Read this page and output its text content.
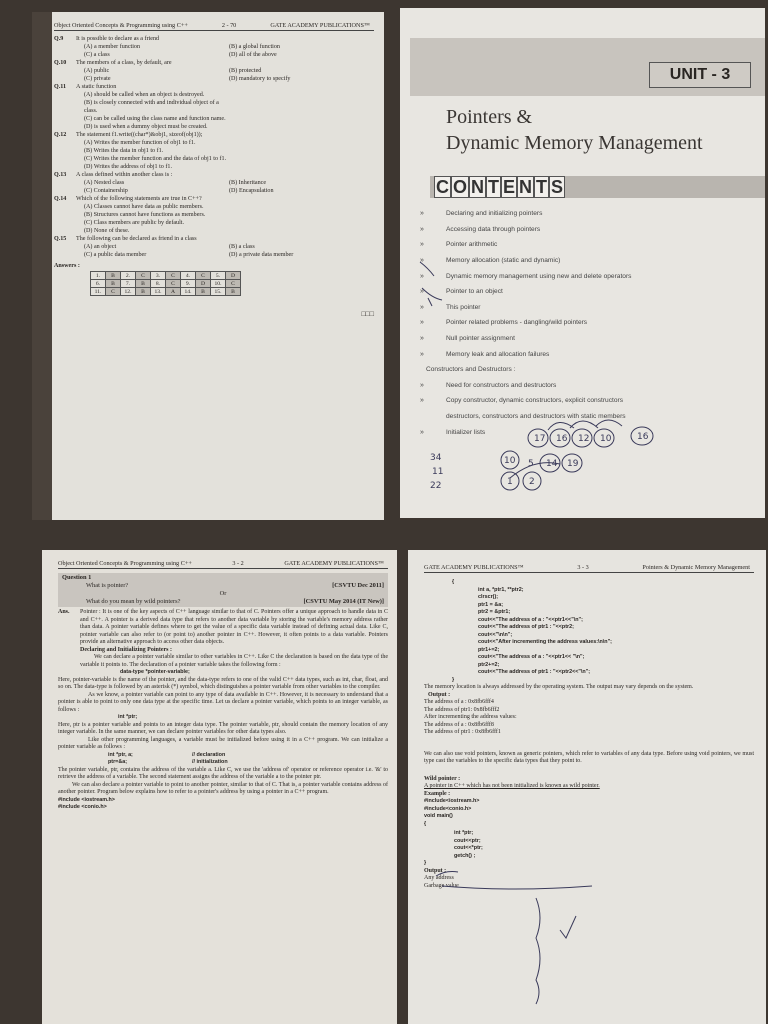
Object Oriented Concepts & Programming using C++	2 - 70	GATE ACADEMY PUBLICATIONS™
Q.9	It is possible to declare as a friend
(A) a member function	(B) a global function
(C) a class	(D) all of the above
Q.10	The members of a class, by default, are
(A) public	(B) protected
(C) private	(D) mandatory to specify
Q.11	A static function
(A) should be called when an object is destroyed.
(B) is closely connected with and individual object of a class.
(C) can be called using the class name and function name.
(D) is used when a dummy object must be created.
Q.12	The statement f1.write((char*)&obj1, sizeof(obj1));
(A) Writes the member function of obj1 to f1.
(B) Writes the data in obj1 to f1.
(C) Writes the member function and the data of obj1 to f1.
(D) Writes the address of obj1 to f1.
Q.13	A class defined within another class is :
(A) Nested class	(B) Inheritance
(C) Containership	(D) Encapsulation
Q.14	Which of the following statements are true in C++?
(A) Classes cannot have data as public members.
(B) Structures cannot have functions as members.
(C) Class members are public by default.
(D) None of these.
Q.15	The following can be declared as friend in a class
(A) an object	(B) a class
(C) a public data member	(D) a private data member
Answers :
1.	B	2.	C	3.	C	4.	C	5.	D
6.	B	7.	B	8.	C	9.	D	10.	C
11.	C	12.	B	13.	A	14.	B	15.	B
□□□
UNIT - 3
Pointers &
Dynamic Memory Management
C O N T E N T S
»	Declaring and initializing pointers
»	Accessing data through pointers
»	Pointer arithmetic
»	Memory allocation (static and dynamic)
»	Dynamic memory management using new and delete operators
»	Pointer to an object
»	This pointer
»	Pointer related problems - dangling/wild pointers
»	Null pointer assignment
»	Memory leak and allocation failures
Constructors and Destructors :
»	Need for constructors and destructors
»	Copy constructor, dynamic constructors, explicit constructors
destructors, constructors and destructors with static members
»	Initializer lists
17 16 12 10	16
10 5 14 19
34
11
22	1 2
Object Oriented Concepts & Programming using C++	3 - 2	GATE ACADEMY PUBLICATIONS™
Question 1
What is pointer?	[CSVTU Dec 2011]
Or
What do you mean by wild pointers?	[CSVTU May 2014 (IT New)]
Ans.	Pointer : It is one of the key aspects of C++ language similar to that of C. Pointers offer a unique approach to handle data in C and C++. A pointer is a derived data type that refers to another data variable by storing the variable's memory address rather than data. A pointer variable defines where to get the value of a specific data variable instead of defining actual data. Like C, pointer variable can also refer to (or point to) another pointer in C++. However, it often points to a data variable. Pointers provide an alternative approach to access other data objects.
Declaring and Initializing Pointers :
We can declare a pointer variable similar to other variables in C++. Like C the declaration is based on the data type of the variable it points to. The declaration of a pointer variable takes the following form :
data-type *pointer-variable;
Here, pointer-variable is the name of the pointer, and the data-type refers to one of the valid C++ data types, such as int, char, float, and so on. The data-type is followed by an asterisk (*) symbol, which distinguishes a pointer variable from other variables to the compiler.
As we know, a pointer variable can point to any type of data available in C++. However, it is necessary to understand that a pointer is able to point to only one data type at the specific time. Let us declare a pointer variable, which points to an integer variable, as follows :
int *ptr;
Here, ptr is a pointer variable and points to an integer data type. The pointer variable, ptr, should contain the memory location of any integer variable. In the same manner, we can declare pointer variables for other data types also.
Like other programming languages, a variable must be initialized before using it in a C++ program. We can initialize a pointer variable as follows :
int *ptr, a;	// declaration
ptr=&a;	// initialization
The pointer variable, ptr, contains the address of the variable a. Like C, we use the 'address of' operator or reference operator i.e. '&' to retrieve the address of a variable. The second statement assigns the address of the variable a to the pointer ptr.
We can also declare a pointer variable to point to another pointer, similar to that of C. That is, a pointer variable contains address of another pointer. Program below explains how to refer to a pointer's address by using a pointer in a C++ program.
#include <iostream.h>
#include <conio.h>
GATE ACADEMY PUBLICATIONS™	3 - 3	Pointers & Dynamic Memory Management
{
int a, *ptr1, **ptr2;
clrscr();
ptr1 = &a;
ptr2 = &ptr1;
cout<<"The address of a : "<<ptr1<<"\n";
cout<<"The address of ptr1 : "<<ptr2;
cout<<"\n\n";
cout<<"After incrementing the address values:\n\n";
ptr1+=2;
cout<<"The address of a : "<<ptr1<< "\n";
ptr2+=2;
cout<<"The address of ptr1 : "<<ptr2<<"\n";
}
The memory location is always addressed by the operating system. The output may vary depends on the system.
Output :
The address of a : 0x8fb6fff4
The address of ptr1: 0x8fb6fff2
After incrementing the address values:
The address of a : 0x8fb6fff8
The address of ptr1 : 0x8fb6fff1
We can also use void pointers, known as generic pointers, which refer to variables of any data type. Before using void pointers, we must type cast the variables to the specific data types that they point to.
Wild pointer :
A pointer in C++ which has not been initialized is known as wild pointer.
Example :
#include<iostream.h>
#include<conio.h>
void main()
{
int *ptr;
cout<<ptr;
cout<<*ptr;
getch() ;
}
Output :
Any address
Garbage value
